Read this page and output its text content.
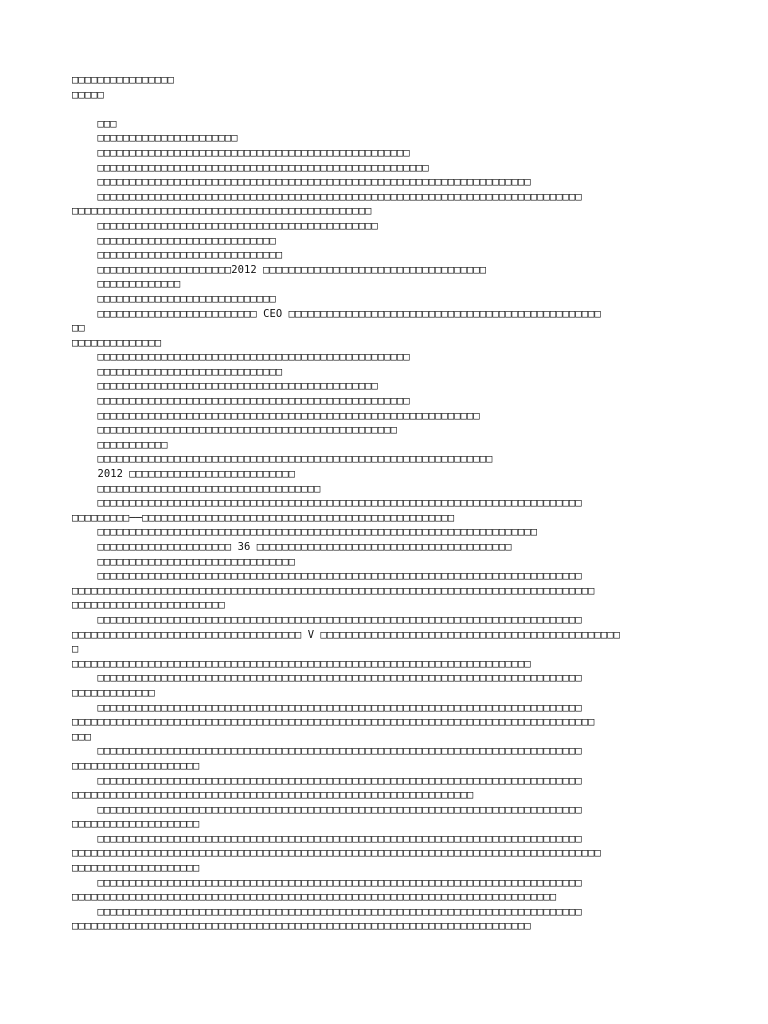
□□□□□□□□□□□□□□□□
□□□□□
□□□
□□□□□□□□□□□□□□□□□□□□□□
□□□□□□□□□□□□□□□□□□□□□□□□□□□□□□□□□□□□□□□□□□□□□□□□□
□□□□□□□□□□□□□□□□□□□□□□□□□□□□□□□□□□□□□□□□□□□□□□□□□□□□
□□□□□□□□□□□□□□□□□□□□□□□□□□□□□□□□□□□□□□□□□□□□□□□□□□□□□□□□□□□□□□□□□□□□
□□□□□□□□□□□□□□□□□□□□□□□□□□□□□□□□□□□□□□□□□□□□□□□□□□□□□□□□□□□□□□□□□□□□□□□□□□□□
□□□□□□□□□□□□□□□□□□□□□□□□□□□□□□□□□□□□□□□□□□□□□□□
□□□□□□□□□□□□□□□□□□□□□□□□□□□□□□□□□□□□□□□□□□□□
□□□□□□□□□□□□□□□□□□□□□□□□□□□□
□□□□□□□□□□□□□□□□□□□□□□□□□□□□□
□□□□□□□□□□□□□□□□□□□□□2012 □□□□□□□□□□□□□□□□□□□□□□□□□□□□□□□□□□□
□□□□□□□□□□□□□
□□□□□□□□□□□□□□□□□□□□□□□□□□□□
□□□□□□□□□□□□□□□□□□□□□□□□□ CEO □□□□□□□□□□□□□□□□□□□□□□□□□□□□□□□□□□□□□□□□□□□□□□□□□
□□
□□□□□□□□□□□□□□
□□□□□□□□□□□□□□□□□□□□□□□□□□□□□□□□□□□□□□□□□□□□□□□□□
□□□□□□□□□□□□□□□□□□□□□□□□□□□□□
□□□□□□□□□□□□□□□□□□□□□□□□□□□□□□□□□□□□□□□□□□□□
□□□□□□□□□□□□□□□□□□□□□□□□□□□□□□□□□□□□□□□□□□□□□□□□□
□□□□□□□□□□□□□□□□□□□□□□□□□□□□□□□□□□□□□□□□□□□□□□□□□□□□□□□□□□□□
□□□□□□□□□□□□□□□□□□□□□□□□□□□□□□□□□□□□□□□□□□□□□□□
□□□□□□□□□□□
□□□□□□□□□□□□□□□□□□□□□□□□□□□□□□□□□□□□□□□□□□□□□□□□□□□□□□□□□□□□□□
2012 □□□□□□□□□□□□□□□□□□□□□□□□□□
□□□□□□□□□□□□□□□□□□□□□□□□□□□□□□□□□□□
□□□□□□□□□□□□□□□□□□□□□□□□□□□□□□□□□□□□□□□□□□□□□□□□□□□□□□□□□□□□□□□□□□□□□□□□□□□□
□□□□□□□□□──□□□□□□□□□□□□□□□□□□□□□□□□□□□□□□□□□□□□□□□□□□□□□□□□□
□□□□□□□□□□□□□□□□□□□□□□□□□□□□□□□□□□□□□□□□□□□□□□□□□□□□□□□□□□□□□□□□□□□□□
□□□□□□□□□□□□□□□□□□□□□ 36 □□□□□□□□□□□□□□□□□□□□□□□□□□□□□□□□□□□□□□□□
□□□□□□□□□□□□□□□□□□□□□□□□□□□□□□□
□□□□□□□□□□□□□□□□□□□□□□□□□□□□□□□□□□□□□□□□□□□□□□□□□□□□□□□□□□□□□□□□□□□□□□□□□□□□
□□□□□□□□□□□□□□□□□□□□□□□□□□□□□□□□□□□□□□□□□□□□□□□□□□□□□□□□□□□□□□□□□□□□□□□□□□□□□□□□□□
□□□□□□□□□□□□□□□□□□□□□□□□
□□□□□□□□□□□□□□□□□□□□□□□□□□□□□□□□□□□□□□□□□□□□□□□□□□□□□□□□□□□□□□□□□□□□□□□□□□□□
□□□□□□□□□□□□□□□□□□□□□□□□□□□□□□□□□□□□ V □□□□□□□□□□□□□□□□□□□□□□□□□□□□□□□□□□□□□□□□□□□□□□□
□
□□□□□□□□□□□□□□□□□□□□□□□□□□□□□□□□□□□□□□□□□□□□□□□□□□□□□□□□□□□□□□□□□□□□□□□□
□□□□□□□□□□□□□□□□□□□□□□□□□□□□□□□□□□□□□□□□□□□□□□□□□□□□□□□□□□□□□□□□□□□□□□□□□□□□
□□□□□□□□□□□□□
□□□□□□□□□□□□□□□□□□□□□□□□□□□□□□□□□□□□□□□□□□□□□□□□□□□□□□□□□□□□□□□□□□□□□□□□□□□□
□□□□□□□□□□□□□□□□□□□□□□□□□□□□□□□□□□□□□□□□□□□□□□□□□□□□□□□□□□□□□□□□□□□□□□□□□□□□□□□□□□
□□□
□□□□□□□□□□□□□□□□□□□□□□□□□□□□□□□□□□□□□□□□□□□□□□□□□□□□□□□□□□□□□□□□□□□□□□□□□□□□
□□□□□□□□□□□□□□□□□□□□
□□□□□□□□□□□□□□□□□□□□□□□□□□□□□□□□□□□□□□□□□□□□□□□□□□□□□□□□□□□□□□□□□□□□□□□□□□□□
□□□□□□□□□□□□□□□□□□□□□□□□□□□□□□□□□□□□□□□□□□□□□□□□□□□□□□□□□□□□□□□
□□□□□□□□□□□□□□□□□□□□□□□□□□□□□□□□□□□□□□□□□□□□□□□□□□□□□□□□□□□□□□□□□□□□□□□□□□□□
□□□□□□□□□□□□□□□□□□□□
□□□□□□□□□□□□□□□□□□□□□□□□□□□□□□□□□□□□□□□□□□□□□□□□□□□□□□□□□□□□□□□□□□□□□□□□□□□□
□□□□□□□□□□□□□□□□□□□□□□□□□□□□□□□□□□□□□□□□□□□□□□□□□□□□□□□□□□□□□□□□□□□□□□□□□□□□□□□□□□□
□□□□□□□□□□□□□□□□□□□□
□□□□□□□□□□□□□□□□□□□□□□□□□□□□□□□□□□□□□□□□□□□□□□□□□□□□□□□□□□□□□□□□□□□□□□□□□□□□
□□□□□□□□□□□□□□□□□□□□□□□□□□□□□□□□□□□□□□□□□□□□□□□□□□□□□□□□□□□□□□□□□□□□□□□□□□□□
□□□□□□□□□□□□□□□□□□□□□□□□□□□□□□□□□□□□□□□□□□□□□□□□□□□□□□□□□□□□□□□□□□□□□□□□□□□□
□□□□□□□□□□□□□□□□□□□□□□□□□□□□□□□□□□□□□□□□□□□□□□□□□□□□□□□□□□□□□□□□□□□□□□□□
